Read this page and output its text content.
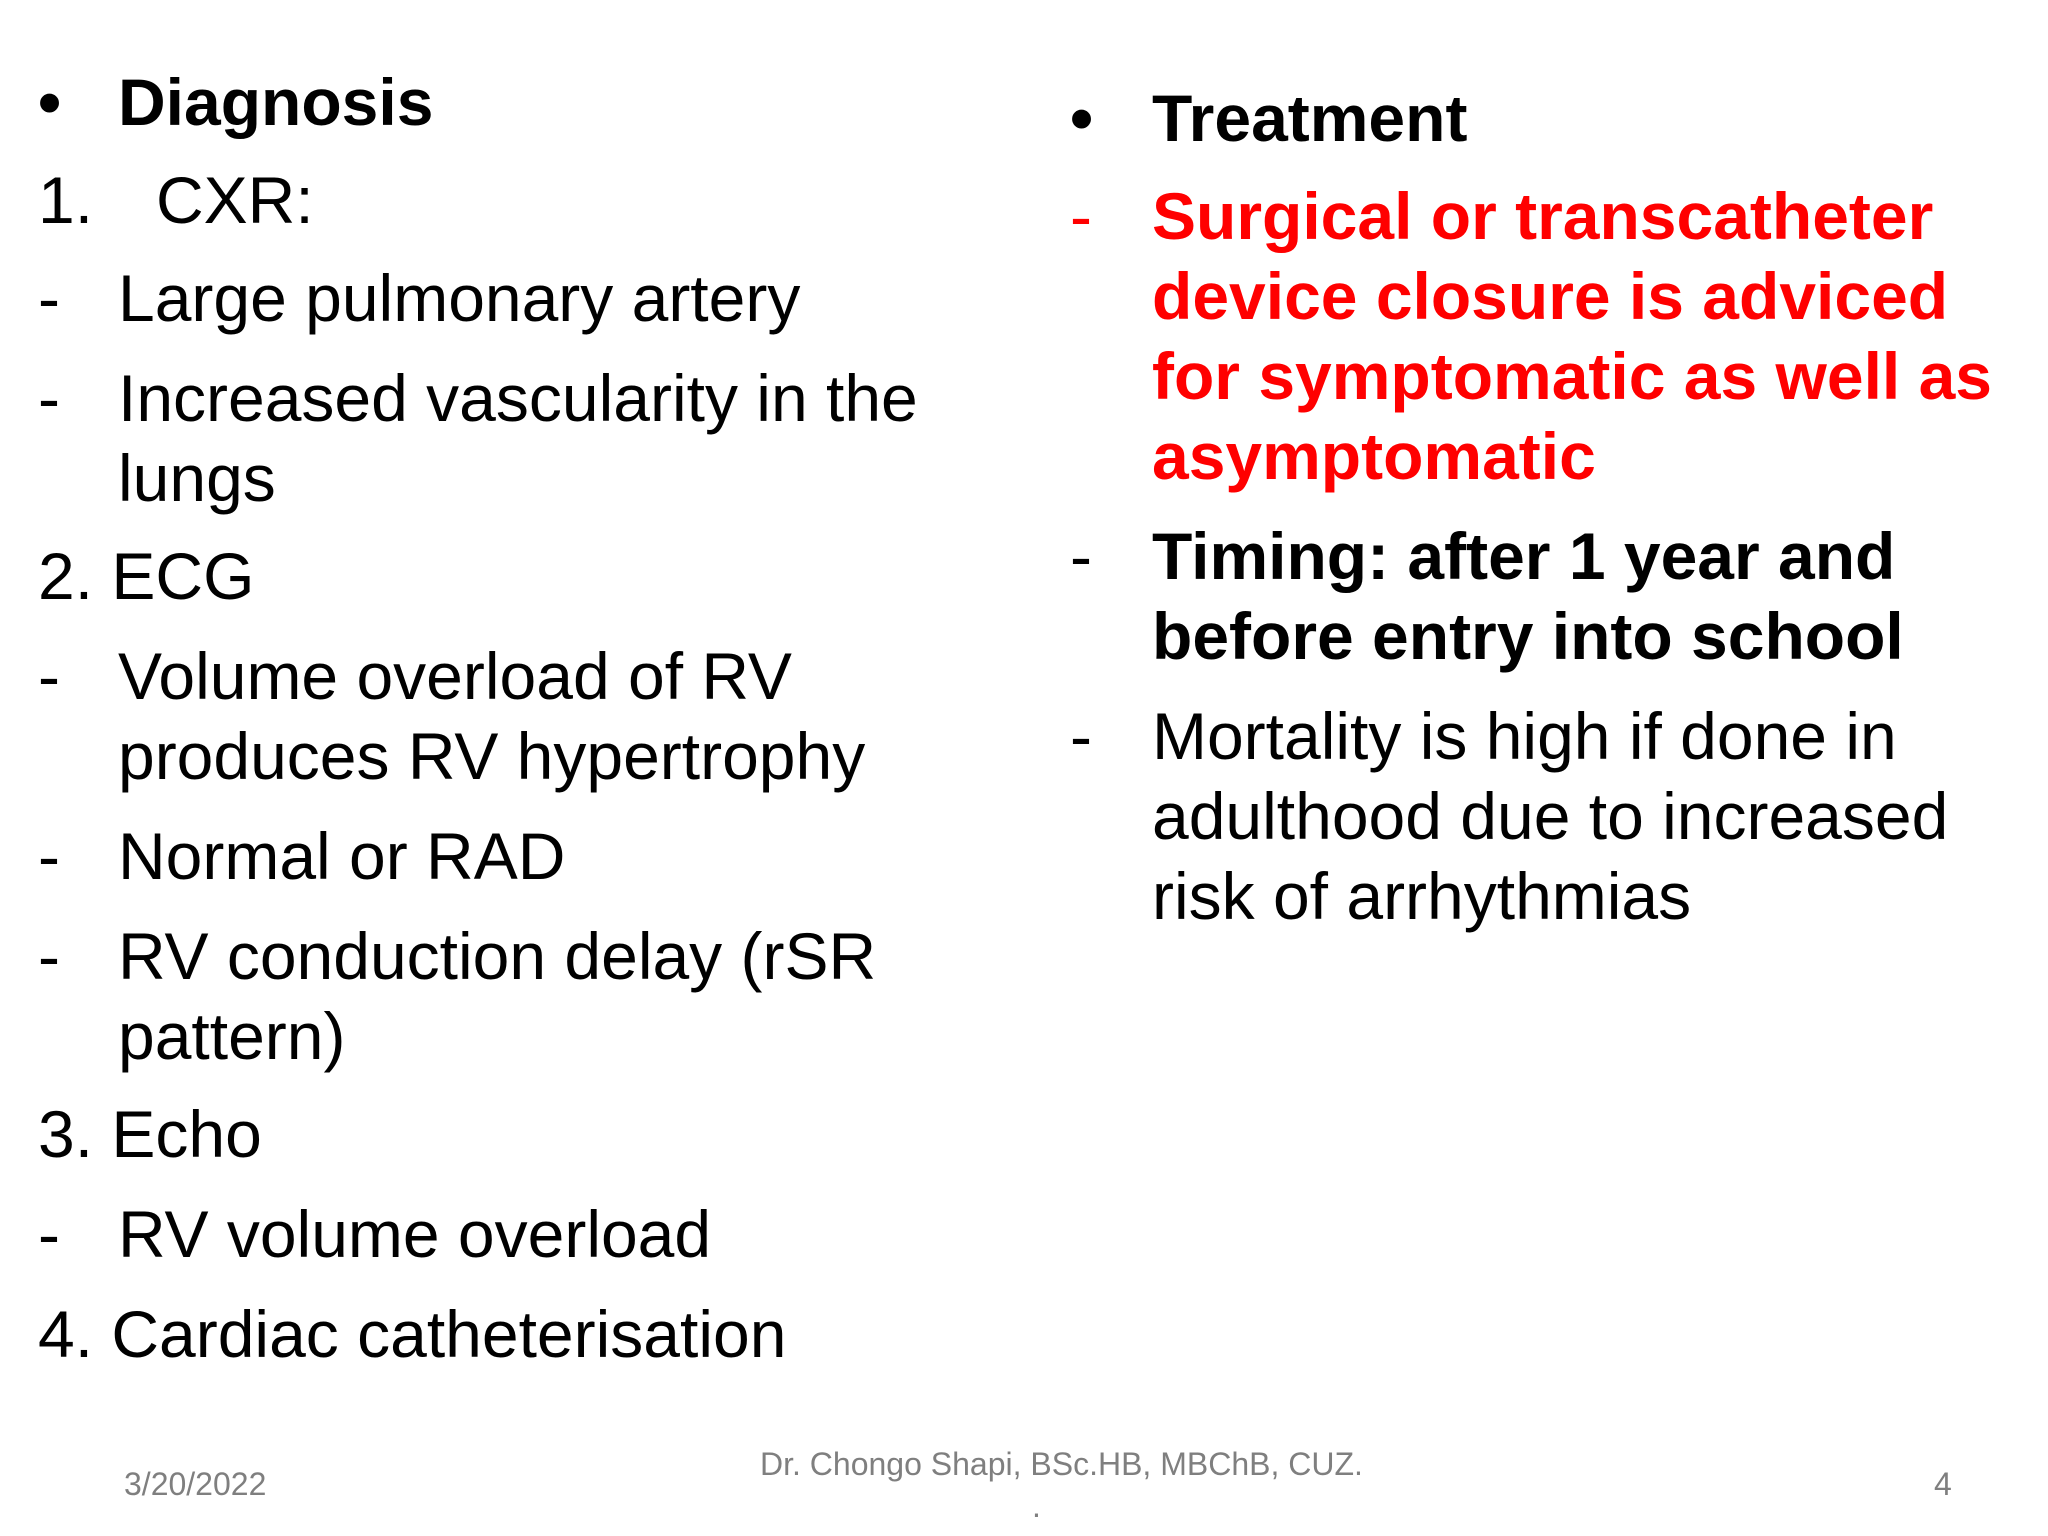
• Diagnosis
1. CXR:
- Large pulmonary artery
- Increased vascularity in the
lungs
2. ECG
- Volume overload of RV
produces RV hypertrophy
- Normal or RAD
- RV conduction delay (rSR
pattern)
3. Echo
- RV volume overload
4. Cardiac catheterisation
• Treatment
- Surgical or transcatheter
device closure is adviced
for symptomatic as well as
asymptomatic
- Timing: after 1 year and
before entry into school
- Mortality is high if done in
adulthood due to increased
risk of arrhythmias
3/20/2022
Dr. Chongo Shapi, BSc.HB, MBChB, CUZ.
.
4
